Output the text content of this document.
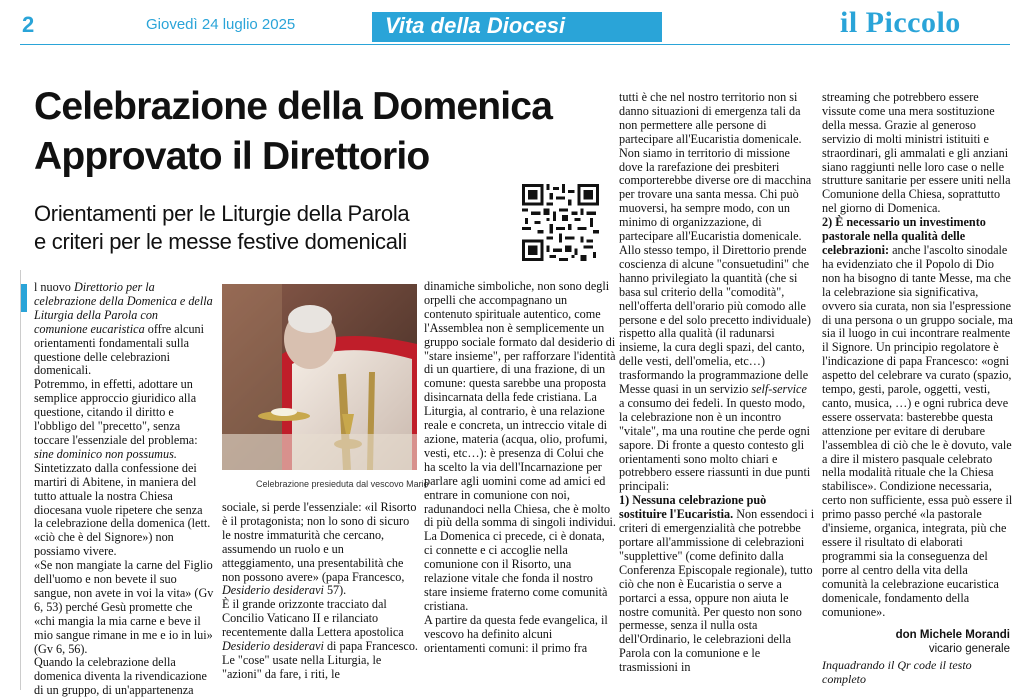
2	Giovedì 24 luglio 2025	Vita della Diocesi	il Piccolo
Celebrazione della Domenica
Approvato il Direttorio
Orientamenti per le Liturgie della Parola
e criteri per le messe festive domenicali
Celebrazione presieduta dal vescovo Mario

l nuovo Direttorio per la celebrazione della Domenica e della Liturgia della Parola con comunione eucaristica offre alcuni orientamenti fondamentali sulla questione delle celebrazioni domenicali.

Potremmo, in effetti, adottare un semplice approccio giuridico alla questione, citando il diritto e l'obbligo del "precetto", senza toccare l'essenziale del problema: sine dominico non possumus. Sintetizzato dalla confessione dei martiri di Abitene, in maniera del tutto attuale la nostra Chiesa diocesana vuole ripetere che senza la celebrazione della domenica (lett. «ciò che è del Signore») non possiamo vivere.

«Se non mangiate la carne del Figlio dell'uomo e non bevete il suo sangue, non avete in voi la vita» (Gv 6, 53) perché Gesù promette che «chi mangia la mia carne e beve il mio sangue rimane in me e io in lui» (Gv 6, 56).

Quando la celebrazione della domenica diventa la rivendicazione di un gruppo, di un'appartenenza

sociale, si perde l'essenziale: «il Risorto è il protagonista; non lo sono di sicuro le nostre immaturità che cercano, assumendo un ruolo e un atteggiamento, una presentabilità che non possono avere» (papa Francesco, Desiderio desideravi 57).

È il grande orizzonte tracciato dal Concilio Vaticano II e rilanciato recentemente dalla Lettera apostolica Desiderio desideravi di papa Francesco. Le "cose" usate nella Liturgia, le "azioni" da fare, i riti, le

dinamiche simboliche, non sono degli orpelli che accompagnano un contenuto spirituale autentico, come l'Assemblea non è semplicemente un gruppo sociale formato dal desiderio di "stare insieme", per rafforzare l'identità di un quartiere, di una frazione, di un comune: questa sarebbe una proposta disincarnata della fede cristiana. La Liturgia, al contrario, è una relazione reale e concreta, un intreccio vitale di azione, materia (acqua, olio, profumi, vesti, etc…): è presenza di Colui che ha scelto la via dell'Incarnazione per parlare agli uomini come ad amici ed entrare in comunione con noi, radunandoci nella Chiesa, che è molto di più della somma di singoli individui.

La Domenica ci precede, ci è donata, ci connette e ci accoglie nella comunione con il Risorto, una relazione vitale che fonda il nostro stare insieme fraterno come comunità cristiana.

A partire da questa fede evangelica, il vescovo ha definito alcuni orientamenti comuni: il primo fra

tutti è che nel nostro territorio non si danno situazioni di emergenza tali da non permettere alle persone di partecipare all'Eucaristia domenicale. Non siamo in territorio di missione dove la rarefazione dei presbiteri comporterebbe diverse ore di macchina per trovare una santa messa. Chi può muoversi, ha sempre modo, con un minimo di organizzazione, di partecipare all'Eucaristia domenicale. Allo stesso tempo, il Direttorio prende coscienza di alcune "consuetudini" che hanno privilegiato la quantità (che si basa sul criterio della "comodità", nell'offerta dell'orario più comodo alle persone e del solo precetto individuale) rispetto alla qualità (il radunarsi insieme, la cura degli spazi, del canto, delle vesti, dell'omelia, etc…) trasformando la programmazione delle Messe quasi in un servizio self-service a consumo dei fedeli. In questo modo, la celebrazione non è un incontro "vitale", ma una routine che perde ogni sapore. Di fronte a questo contesto gli orientamenti sono molto chiari e potrebbero essere riassunti in due punti principali:

1) Nessuna celebrazione può sostituire l'Eucaristia. Non essendoci i criteri di emergenzialità che potrebbe portare all'ammissione di celebrazioni "supplettive" (come definito dalla Conferenza Episcopale regionale), tutto ciò che non è Eucaristia o serve a portarci a essa, oppure non aiuta le nostre comunità. Per questo non sono permesse, senza il nulla osta dell'Ordinario, le celebrazioni della Parola con la comunione e le trasmissioni in

streaming che potrebbero essere vissute come una mera sostituzione della messa. Grazie al generoso servizio di molti ministri istituiti e straordinari, gli ammalati e gli anziani siano raggiunti nelle loro case o nelle strutture sanitarie per essere uniti nella Comunione della Chiesa, soprattutto nel giorno di Domenica.

2) È necessario un investimento pastorale nella qualità delle celebrazioni: anche l'ascolto sinodale ha evidenziato che il Popolo di Dio non ha bisogno di tante Messe, ma che la celebrazione sia significativa, ovvero sia curata, non sia l'espressione di una persona o un gruppo sociale, ma sia il luogo in cui incontrare realmente il Signore. Un principio regolatore è l'indicazione di papa Francesco: «ogni aspetto del celebrare va curato (spazio, tempo, gesti, parole, oggetti, vesti, canto, musica, …) e ogni rubrica deve essere osservata: basterebbe questa attenzione per evitare di derubare l'assemblea di ciò che le è dovuto, vale a dire il mistero pasquale celebrato nella modalità rituale che la Chiesa stabilisce». Condizione necessaria, certo non sufficiente, essa può essere il primo passo perché «la pastorale d'insieme, organica, integrata, più che essere il risultato di elaborati programmi sia la conseguenza del porre al centro della vita della comunità la celebrazione eucaristica domenicale, fondamento della comunione».

don Michele Morandi
vicario generale
Inquadrando il Qr code il testo completo
